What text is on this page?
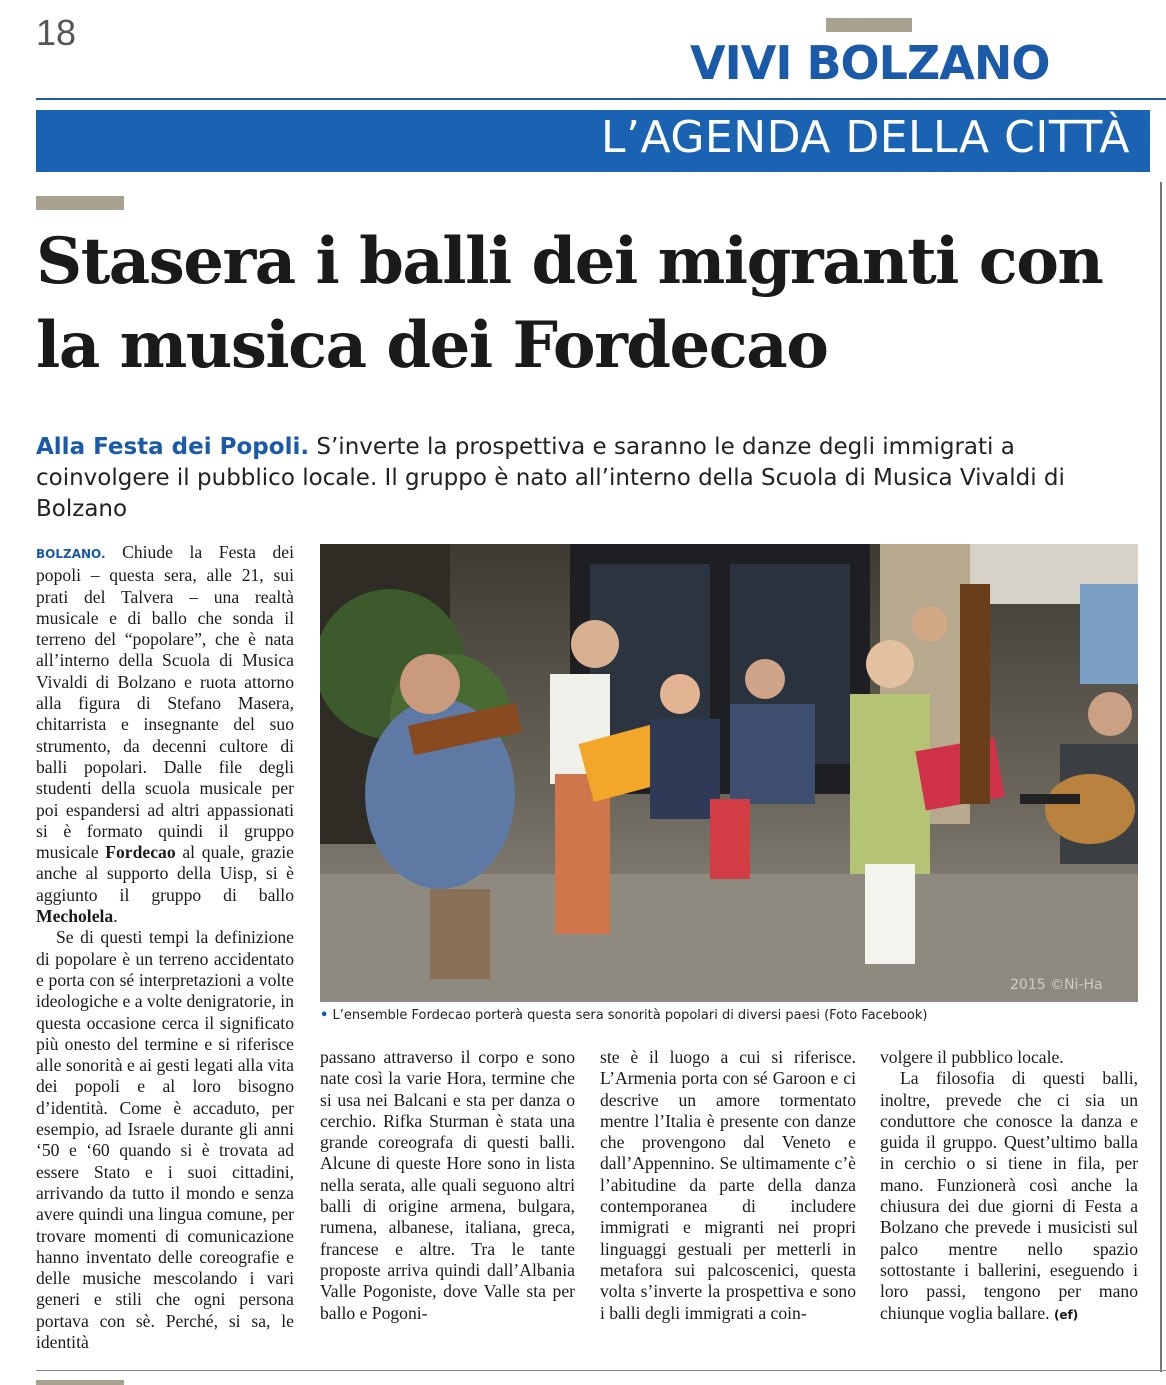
18
VIVI BOLZANO
L’AGENDA DELLA CITTÀ
Stasera i balli dei migranti con la musica dei Fordecao
Alla Festa dei Popoli. S’inverte la prospettiva e saranno le danze degli immigrati a coinvolgere il pubblico locale. Il gruppo è nato all’interno della Scuola di Musica Vivaldi di Bolzano

BOLZANO. Chiude la Festa dei popoli – questa sera, alle 21, sui prati del Talvera – una realtà musicale e di ballo che sonda il terreno del “popolare”, che è nata all’interno della Scuola di Musica Vivaldi di Bolzano e ruota attorno alla figura di Stefano Masera, chitarrista e insegnante del suo strumento, da decenni cultore di balli popolari. Dalle file degli studenti della scuola musicale per poi espandersi ad altri appassionati si è formato quindi il gruppo musicale Fordecao al quale, grazie anche al supporto della Uisp, si è aggiunto il gruppo di ballo Mecholela.

Se di questi tempi la definizione di popolare è un terreno accidentato e porta con sé interpretazioni a volte ideologiche e a volte denigratorie, in questa occasione cerca il significato più onesto del termine e si riferisce alle sonorità e ai gesti legati alla vita dei popoli e al loro bisogno d’identità. Come è accaduto, per esempio, ad Israele durante gli anni ‘50 e ‘60 quando si è trovata ad essere Stato e i suoi cittadini, arrivando da tutto il mondo e senza avere quindi una lingua comune, per trovare momenti di comunicazione hanno inventato delle coreografie e delle musiche mescolando i vari generi e stili che ogni persona portava con sè. Perché, si sa, le identità

2015 ©Ni-Ha
• L’ensemble Fordecao porterà questa sera sonorità popolari di diversi paesi (Foto Facebook)

passano attraverso il corpo e sono nate così la varie Hora, termine che si usa nei Balcani e sta per danza o cerchio. Rifka Sturman è stata una grande coreografa di questi balli. Alcune di queste Hore sono in lista nella serata, alle quali seguono altri balli di origine armena, bulgara, rumena, albanese, italiana, greca, francese e altre. Tra le tante proposte arriva quindi dall’Albania Valle Pogoniste, dove Valle sta per ballo e Pogoni-

ste è il luogo a cui si riferisce. L’Armenia porta con sé Garoon e ci descrive un amore tormentato mentre l’Italia è presente con danze che provengono dal Veneto e dall’Appennino. Se ultimamente c’è l’abitudine da parte della danza contemporanea di includere immigrati e migranti nei propri linguaggi gestuali per metterli in metafora sui palcoscenici, questa volta s’inverte la prospettiva e sono i balli degli immigrati a coin-

volgere il pubblico locale.

La filosofia di questi balli, inoltre, prevede che ci sia un conduttore che conosce la danza e guida il gruppo. Quest’ultimo balla in cerchio o si tiene in fila, per mano. Funzionerà così anche la chiusura dei due giorni di Festa a Bolzano che prevede i musicisti sul palco mentre nello spazio sottostante i ballerini, eseguendo i loro passi, tengono per mano chiunque voglia ballare. (ef)
